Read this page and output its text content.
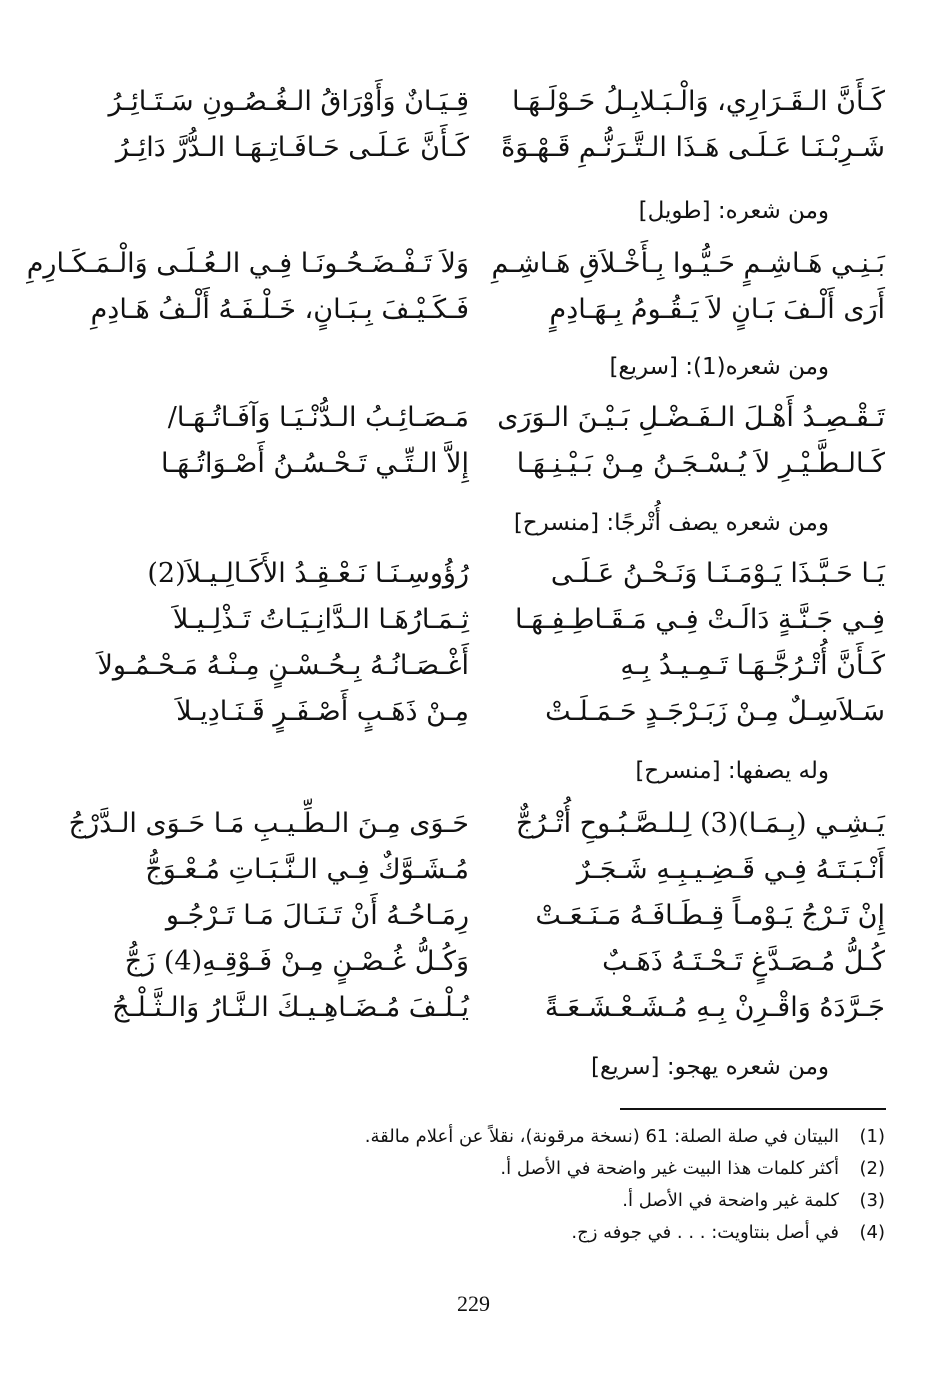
كَـأَنَّ الـقَـرَارِي، وَالْـبَـلابِـلُ حَـوْلَـهَـا
قِـيَـانٌ وَأَوْرَاقُ الـغُـصُـونِ سَـتَـائِـرُ
شَـرِبْـنَـا عَـلَـى هَـذَا الـتَّـرَنُّـمِ قَـهْـوَةً
كَـأَنَّ عَـلَـى حَـافَـاتِـهَـا الـدُّرَّ دَائِـرُ
ومن شعره: [طويل]
بَـنِـي هَـاشِـمٍ حَـيُّـوا بِـأَخْـلاَقِ هَـاشِـمِ
وَلاَ تَـفْـضَـحُـونَـا فِـي الـعُـلَـى وَالْـمَـكَـارِمِ
أَرَى أَلْـفَ بَـانٍ لاَ يَـقُـومُ بِـهَـادِمٍ
فَـكَـيْـفَ بِـبَـانٍ، خَـلْـفَـهُ أَلْـفُ هَـادِمِ
ومن شعره(1): [سريع]
تَـقْـصِـدُ أَهْـلَ الـفَـضْـلِ بَـيْـنَ الـوَرَى
مَـصَـائِـبُ الـدُّنْـيَـا وَآفَـاتُـهَـا/
كَـالـطَّـيْـرِ لاَ يُـسْـجَـنُ مِـنْ بَـيْـنِـهَـا
إِلاَّ الـتِّـي تَـحْـسُـنُ أَصْـوَاتُـهَـا
ومن شعره يصف أُتْرجًا: [منسرح]
يَـا حَـبَّـذَا يَـوْمَـنَـا وَنَـحْـنُ عَـلَـى
رُؤُوسِـنَـا نَـعْـقِـدُ الأَكَـالِـيـلاَ(2)
فِـي جَـنَّـةٍ دَالَـتْ فِـي مَـقَـاطِـفِـهَـا
ثِـمَـارُهَـا الـدَّانِـيَـاتُ تَـذْلِـيـلاَ
كَـأَنَّ أُتْـرُجَّـهَـا تَـمِـيـدُ بِـهِ
أَغْـصَـانُـهُ بِـحُـسْـنٍ مِـنْـهُ مَـحْـمُـولاَ
سَـلاَسِـلٌ مِـنْ زَبَـرْجَـدٍ حَـمَـلَـتْ
مِـنْ ذَهَـبٍ أَصْـفَـرٍ قَـنَـادِيـلاَ
وله يصفها: [منسرح]
يَـشِـي (بِـمَـا)(3) لِـلـصَّـبُـوحِ أُتْـرُجٌّ
حَـوَى مِـنَ الـطِّـيـبِ مَـا حَـوَى الـدَّرْجُ
أَنْـبَـتَـهُ فِـي قَـضِـيـبِـهِ شَـجَـرٌ
مُـشَـوَّكٌ فِـي الـنَّـبَـاتِ مُـعْـوَجُّ
إِنْ تَـرْجُ يَـوْمـاً قِـطَـافَـهُ مَـنَـعَـتْ
رِمَـاحُـهُ أَنْ تَـنَـالَ مَـا تَـرْجُـو
كُـلُّ مُـصَـدَّغٍ تَـحْـتَـهُ ذَهَـبٌ
وَكُـلُّ غُـصْـنٍ مِـنْ فَـوْقِـهِ(4) زَجُّ
جَـرَّدَهُ وَاقْـرِنْ بِـهِ مُـشَـعْـشَـعَـةً
يُـلْـفَ مُـضَـاهِـيـكَ الـنَّـارُ وَالـثَّـلْـجُ
ومن شعره يهجو: [سريع]
(1)
البيتان في صلة الصلة: 61 (نسخة مرقونة)، نقلاً عن أعلام مالقة.
(2)
أكثر كلمات هذا البيت غير واضحة في الأصل أ.
(3)
كلمة غير واضحة في الأصل أ.
(4)
في أصل بنتاويت: . . . في جوفه زج.
229
